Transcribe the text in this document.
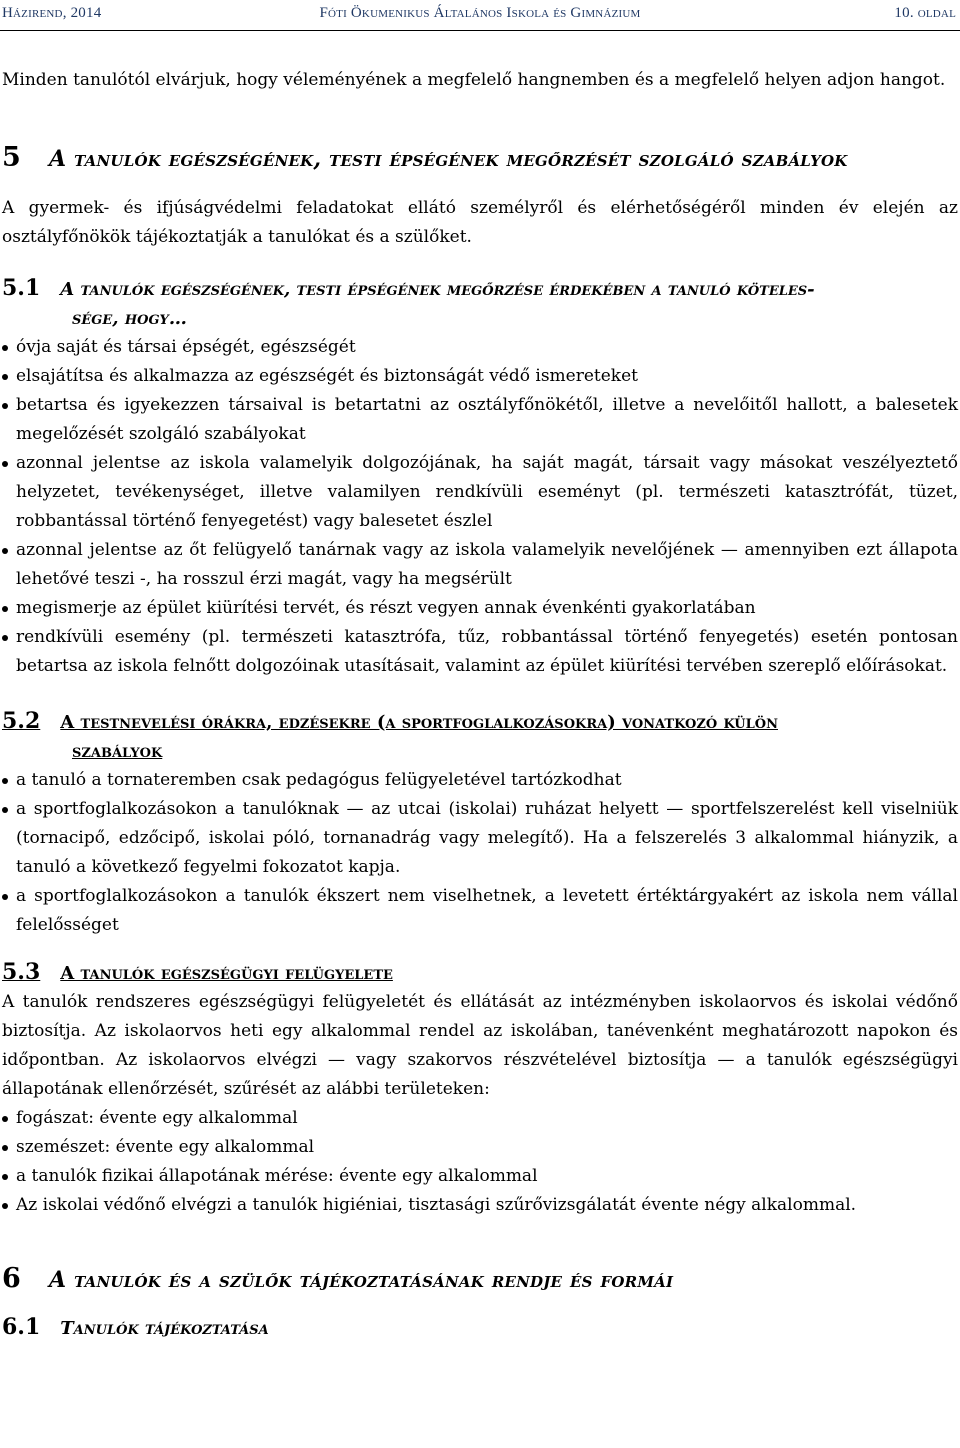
Házirend, 2014	Fóti Ökumenikus Általános Iskola és Gimnázium	10. oldal

Minden tanulótól elvárjuk, hogy véleményének a megfelelő hangnemben és a megfelelő helyen adjon hangot.

5 A tanulók egészségének, testi épségének megőrzését szolgáló szabályok

A gyermek- és ifjúságvédelmi feladatokat ellátó személyről és elérhetőségéről minden év elején az osztályfőnökök tájékoztatják a tanulókat és a szülőket.

5.1 A tanulók egészségének, testi épségének megőrzése érdekében a tanuló köteles-
sége, hogy…
óvja saját és társai épségét, egészségét
elsajátítsa és alkalmazza az egészségét és biztonságát védő ismereteket
betartsa és igyekezzen társaival is betartatni az osztályfőnökétől, illetve a nevelőitől hallott, a balesetek megelőzését szolgáló szabályokat
azonnal jelentse az iskola valamelyik dolgozójának, ha saját magát, társait vagy másokat veszélyeztető helyzetet, tevékenységet, illetve valamilyen rendkívüli eseményt (pl. természeti katasztrófát, tüzet, robbantással történő fenyegetést) vagy balesetet észlel
azonnal jelentse az őt felügyelő tanárnak vagy az iskola valamelyik nevelőjének — amennyiben ezt állapota lehetővé teszi -, ha rosszul érzi magát, vagy ha megsérült
megismerje az épület kiürítési tervét, és részt vegyen annak évenkénti gyakorlatában
rendkívüli esemény (pl. természeti katasztrófa, tűz, robbantással történő fenyegetés) esetén pontosan betartsa az iskola felnőtt dolgozóinak utasításait, valamint az épület kiürítési tervében szereplő előírásokat.
5.2 A testnevelési órákra, edzésekre (a sportfoglalkozásokra) vonatkozó külön
szabályok
a tanuló a tornateremben csak pedagógus felügyeletével tartózkodhat
a sportfoglalkozásokon a tanulóknak — az utcai (iskolai) ruházat helyett — sportfelszerelést kell viselniük (tornacipő, edzőcipő, iskolai póló, tornanadrág vagy melegítő). Ha a felszerelés 3 alkalommal hiányzik, a tanuló a következő fegyelmi fokozatot kapja.
a sportfoglalkozásokon a tanulók ékszert nem viselhetnek, a levetett értéktárgyakért az iskola nem vállal felelősséget
5.3 A tanulók egészségügyi felügyelete

A tanulók rendszeres egészségügyi felügyeletét és ellátását az intézményben iskolaorvos és iskolai védőnő biztosítja. Az iskolaorvos heti egy alkalommal rendel az iskolában, tanévenként meghatározott napokon és időpontban. Az iskolaorvos elvégzi — vagy szakorvos részvételével biztosítja — a tanulók egészségügyi állapotának ellenőrzését, szűrését az alábbi területeken:

fogászat: évente egy alkalommal
szemészet: évente egy alkalommal
a tanulók fizikai állapotának mérése: évente egy alkalommal
Az iskolai védőnő elvégzi a tanulók higiéniai, tisztasági szűrővizsgálatát évente négy alkalommal.
6 A tanulók és a szülők tájékoztatásának rendje és formái
6.1 Tanulók tájékoztatása
